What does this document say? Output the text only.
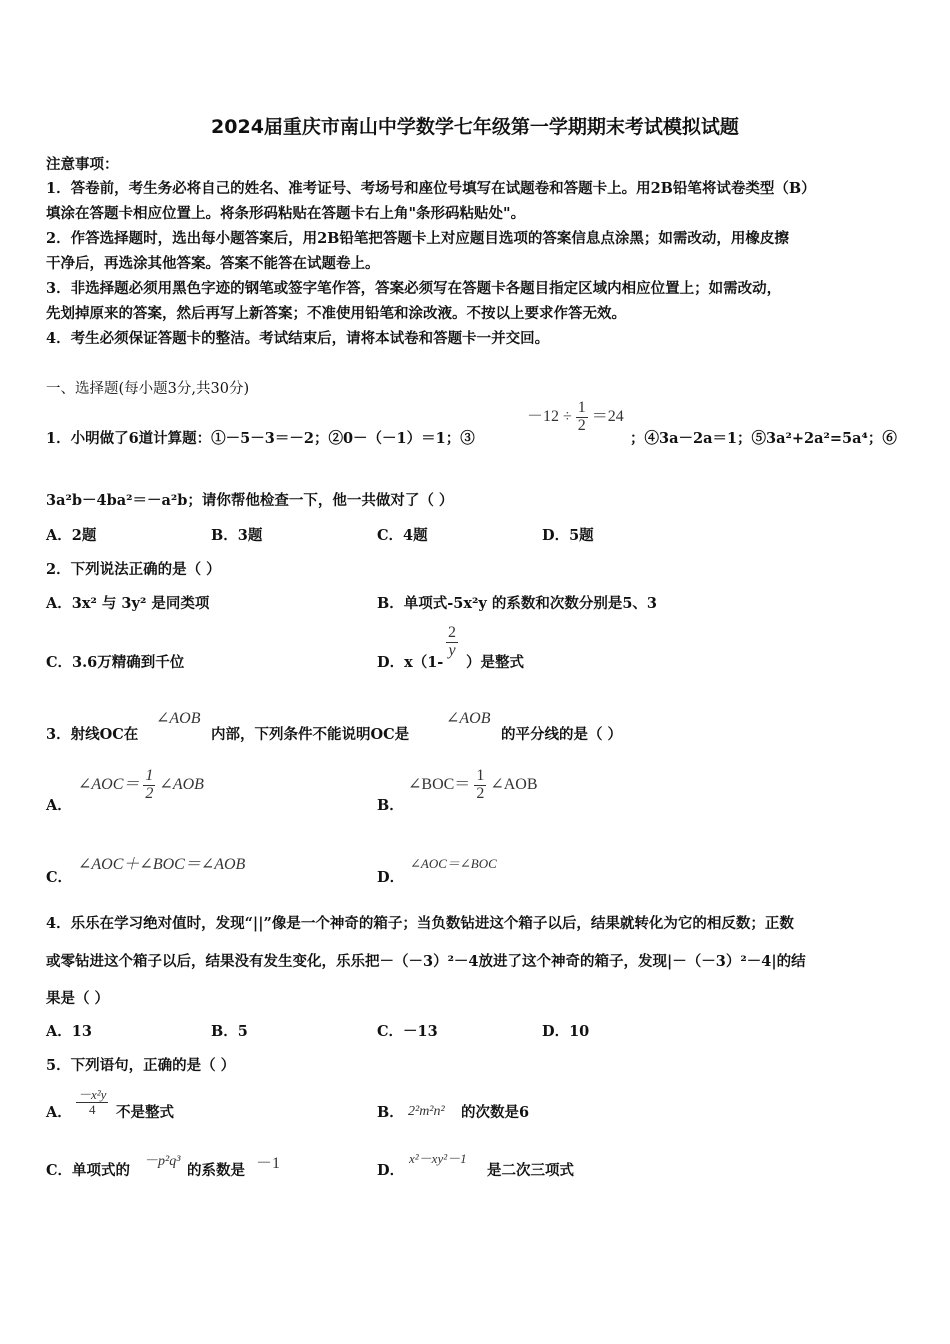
2024届重庆市南山中学数学七年级第一学期期末考试模拟试题
注意事项：
1．答卷前，考生务必将自己的姓名、准考证号、考场号和座位号填写在试题卷和答题卡上。用2B铅笔将试卷类型（B）
填涂在答题卡相应位置上。将条形码粘贴在答题卡右上角"条形码粘贴处"。
2．作答选择题时，选出每小题答案后，用2B铅笔把答题卡上对应题目选项的答案信息点涂黑；如需改动，用橡皮擦
干净后，再选涂其他答案。答案不能答在试题卷上。
3．非选择题必须用黑色字迹的钢笔或签字笔作答，答案必须写在答题卡各题目指定区域内相应位置上；如需改动，
先划掉原来的答案，然后再写上新答案；不准使用铅笔和涂改液。不按以上要求作答无效。
4．考生必须保证答题卡的整洁。考试结束后，请将本试卷和答题卡一并交回。
一、选择题(每小题3分,共30分)
1．小明做了6道计算题：①－5－3＝－2；②0－（－1）＝1；③
$-12 \div \frac{1}{2} =24$
；④3a－2a＝1；⑤3a²+2a²=5a⁴；⑥
3a²b－4ba²＝－a²b；请你帮他检查一下，他一共做对了（ ）
A．2题	B．3题	C．4题	D．5题
2．下列说法正确的是（ ）
A．3x² 与 3y² 是同类项	B．单项式-5x²y 的系数和次数分别是5、3
C．3.6万精确到千位	D．x（1-
$\frac{2}{y}$
）是整式
3．射线OC在
∠AOB
内部，下列条件不能说明OC是
∠AOB
的平分线的是（ ）
A．
∠AOC＝ $\frac{1}{2}$ ∠AOB
B．
∠BOC＝ $\frac{1}{2}$ ∠AOB
C．
∠AOC＋∠BOC＝∠AOB
D．
∠AOC＝∠BOC
4．乐乐在学习绝对值时，发现“||”像是一个神奇的箱子；当负数钻进这个箱子以后，结果就转化为它的相反数；正数
或零钻进这个箱子以后，结果没有发生变化，乐乐把－（－3）²－4放进了这个神奇的箱子，发现|－（－3）²－4|的结
果是（ ）
A．13	B．5	C．－13	D．10
5．下列语句，正确的是（ ）
A． $\frac{\text{－x²y}}{4}$ 不是整式	B． 2²m²n² 的次数是6
C．单项式的
－p²q³
的系数是 －1	D．
x²－xy²－1
是二次三项式
